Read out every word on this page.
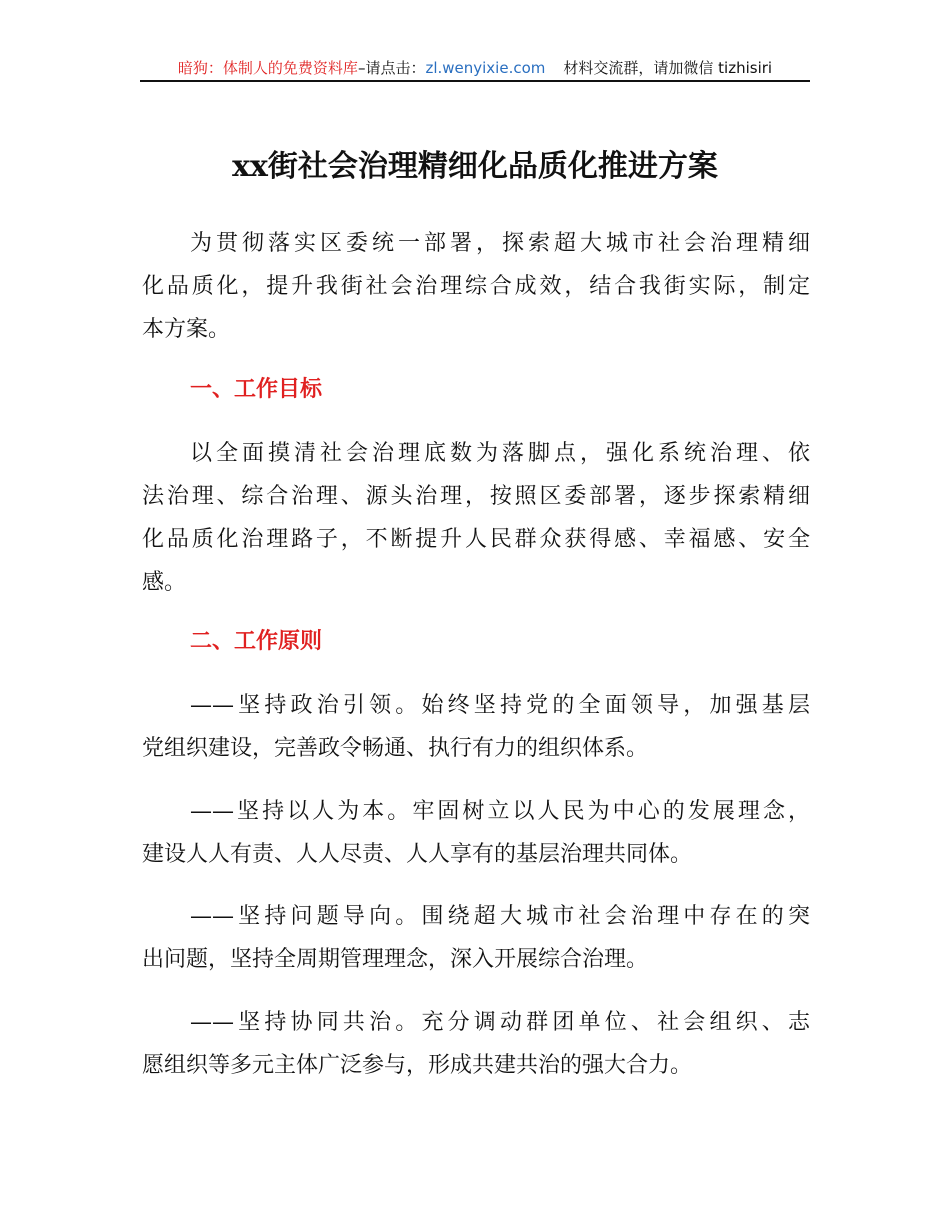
暗狗：体制人的免费资料库–请点击：zl.wenyixie.com 材料交流群，请加微信 tizhisiri
xx街社会治理精细化品质化推进方案
为贯彻落实区委统一部署，探索超大城市社会治理精细
化品质化，提升我街社会治理综合成效，结合我街实际，制定
本方案。
一、工作目标
以全面摸清社会治理底数为落脚点，强化系统治理、依
法治理、综合治理、源头治理，按照区委部署，逐步探索精细
化品质化治理路子，不断提升人民群众获得感、幸福感、安全
感。
二、工作原则
——坚持政治引领。始终坚持党的全面领导，加强基层
党组织建设，完善政令畅通、执行有力的组织体系。
——坚持以人为本。牢固树立以人民为中心的发展理念，
建设人人有责、人人尽责、人人享有的基层治理共同体。
——坚持问题导向。围绕超大城市社会治理中存在的突
出问题，坚持全周期管理理念，深入开展综合治理。
——坚持协同共治。充分调动群团单位、社会组织、志
愿组织等多元主体广泛参与，形成共建共治的强大合力。
